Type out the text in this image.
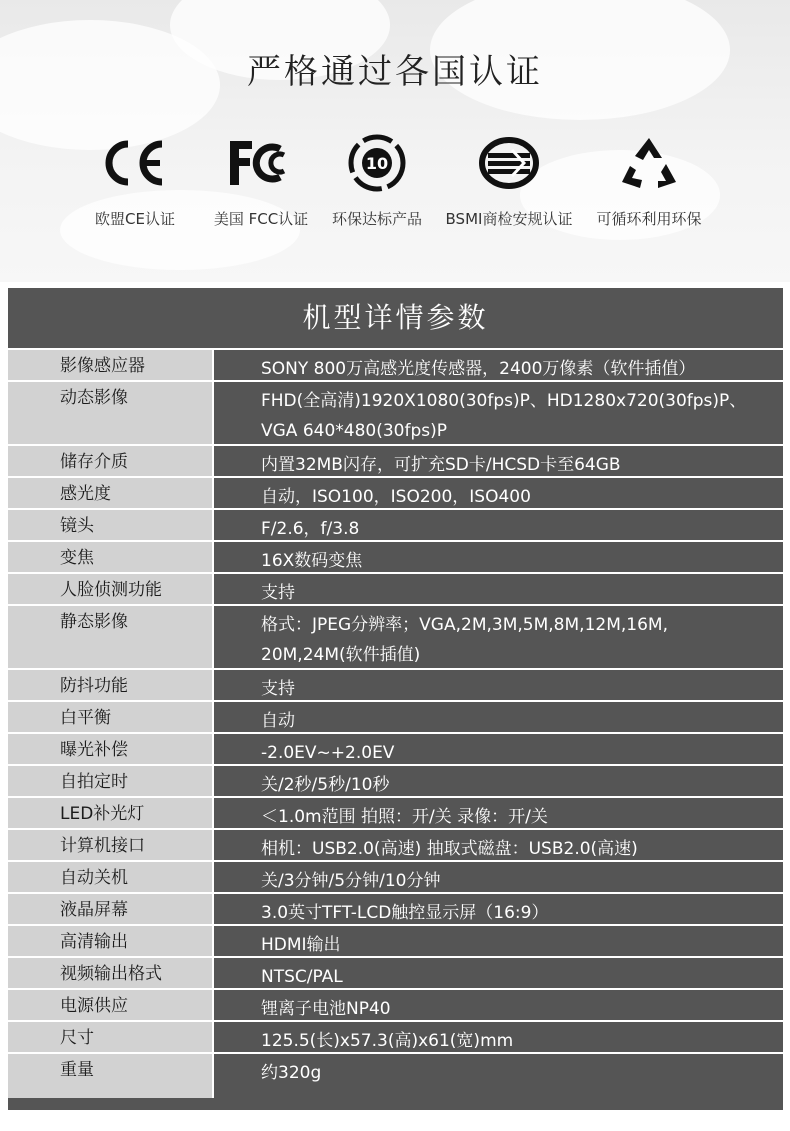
严格通过各国认证
欧盟CE认证	美国 FCC认证
10
环保达标产品	BSMI商检安规认证	可循环利用环保
机型详情参数
影像感应器	SONY 800万高感光度传感器，2400万像素（软件插值）
动态影像	FHD(全高清)1920X1080(30fps)P、HD1280x720(30fps)P、
VGA 640*480(30fps)P
储存介质	内置32MB闪存，可扩充SD卡/HCSD卡至64GB
感光度	自动，ISO100，ISO200，ISO400
镜头	F/2.6，f/3.8
变焦	16X数码变焦
人脸侦测功能	支持
静态影像	格式：JPEG分辨率；VGA,2M,3M,5M,8M,12M,16M,
20M,24M(软件插值)
防抖功能	支持
白平衡	自动
曝光补偿	-2.0EV~+2.0EV
自拍定时	关/2秒/5秒/10秒
LED补光灯	＜1.0m范围 拍照：开/关 录像：开/关
计算机接口	相机：USB2.0(高速) 抽取式磁盘：USB2.0(高速)
自动关机	关/3分钟/5分钟/10分钟
液晶屏幕	3.0英寸TFT-LCD触控显示屏（16:9）
高清输出	HDMI输出
视频输出格式	NTSC/PAL
电源供应	锂离子电池NP40
尺寸	125.5(长)x57.3(高)x61(宽)mm
重量	约320g
